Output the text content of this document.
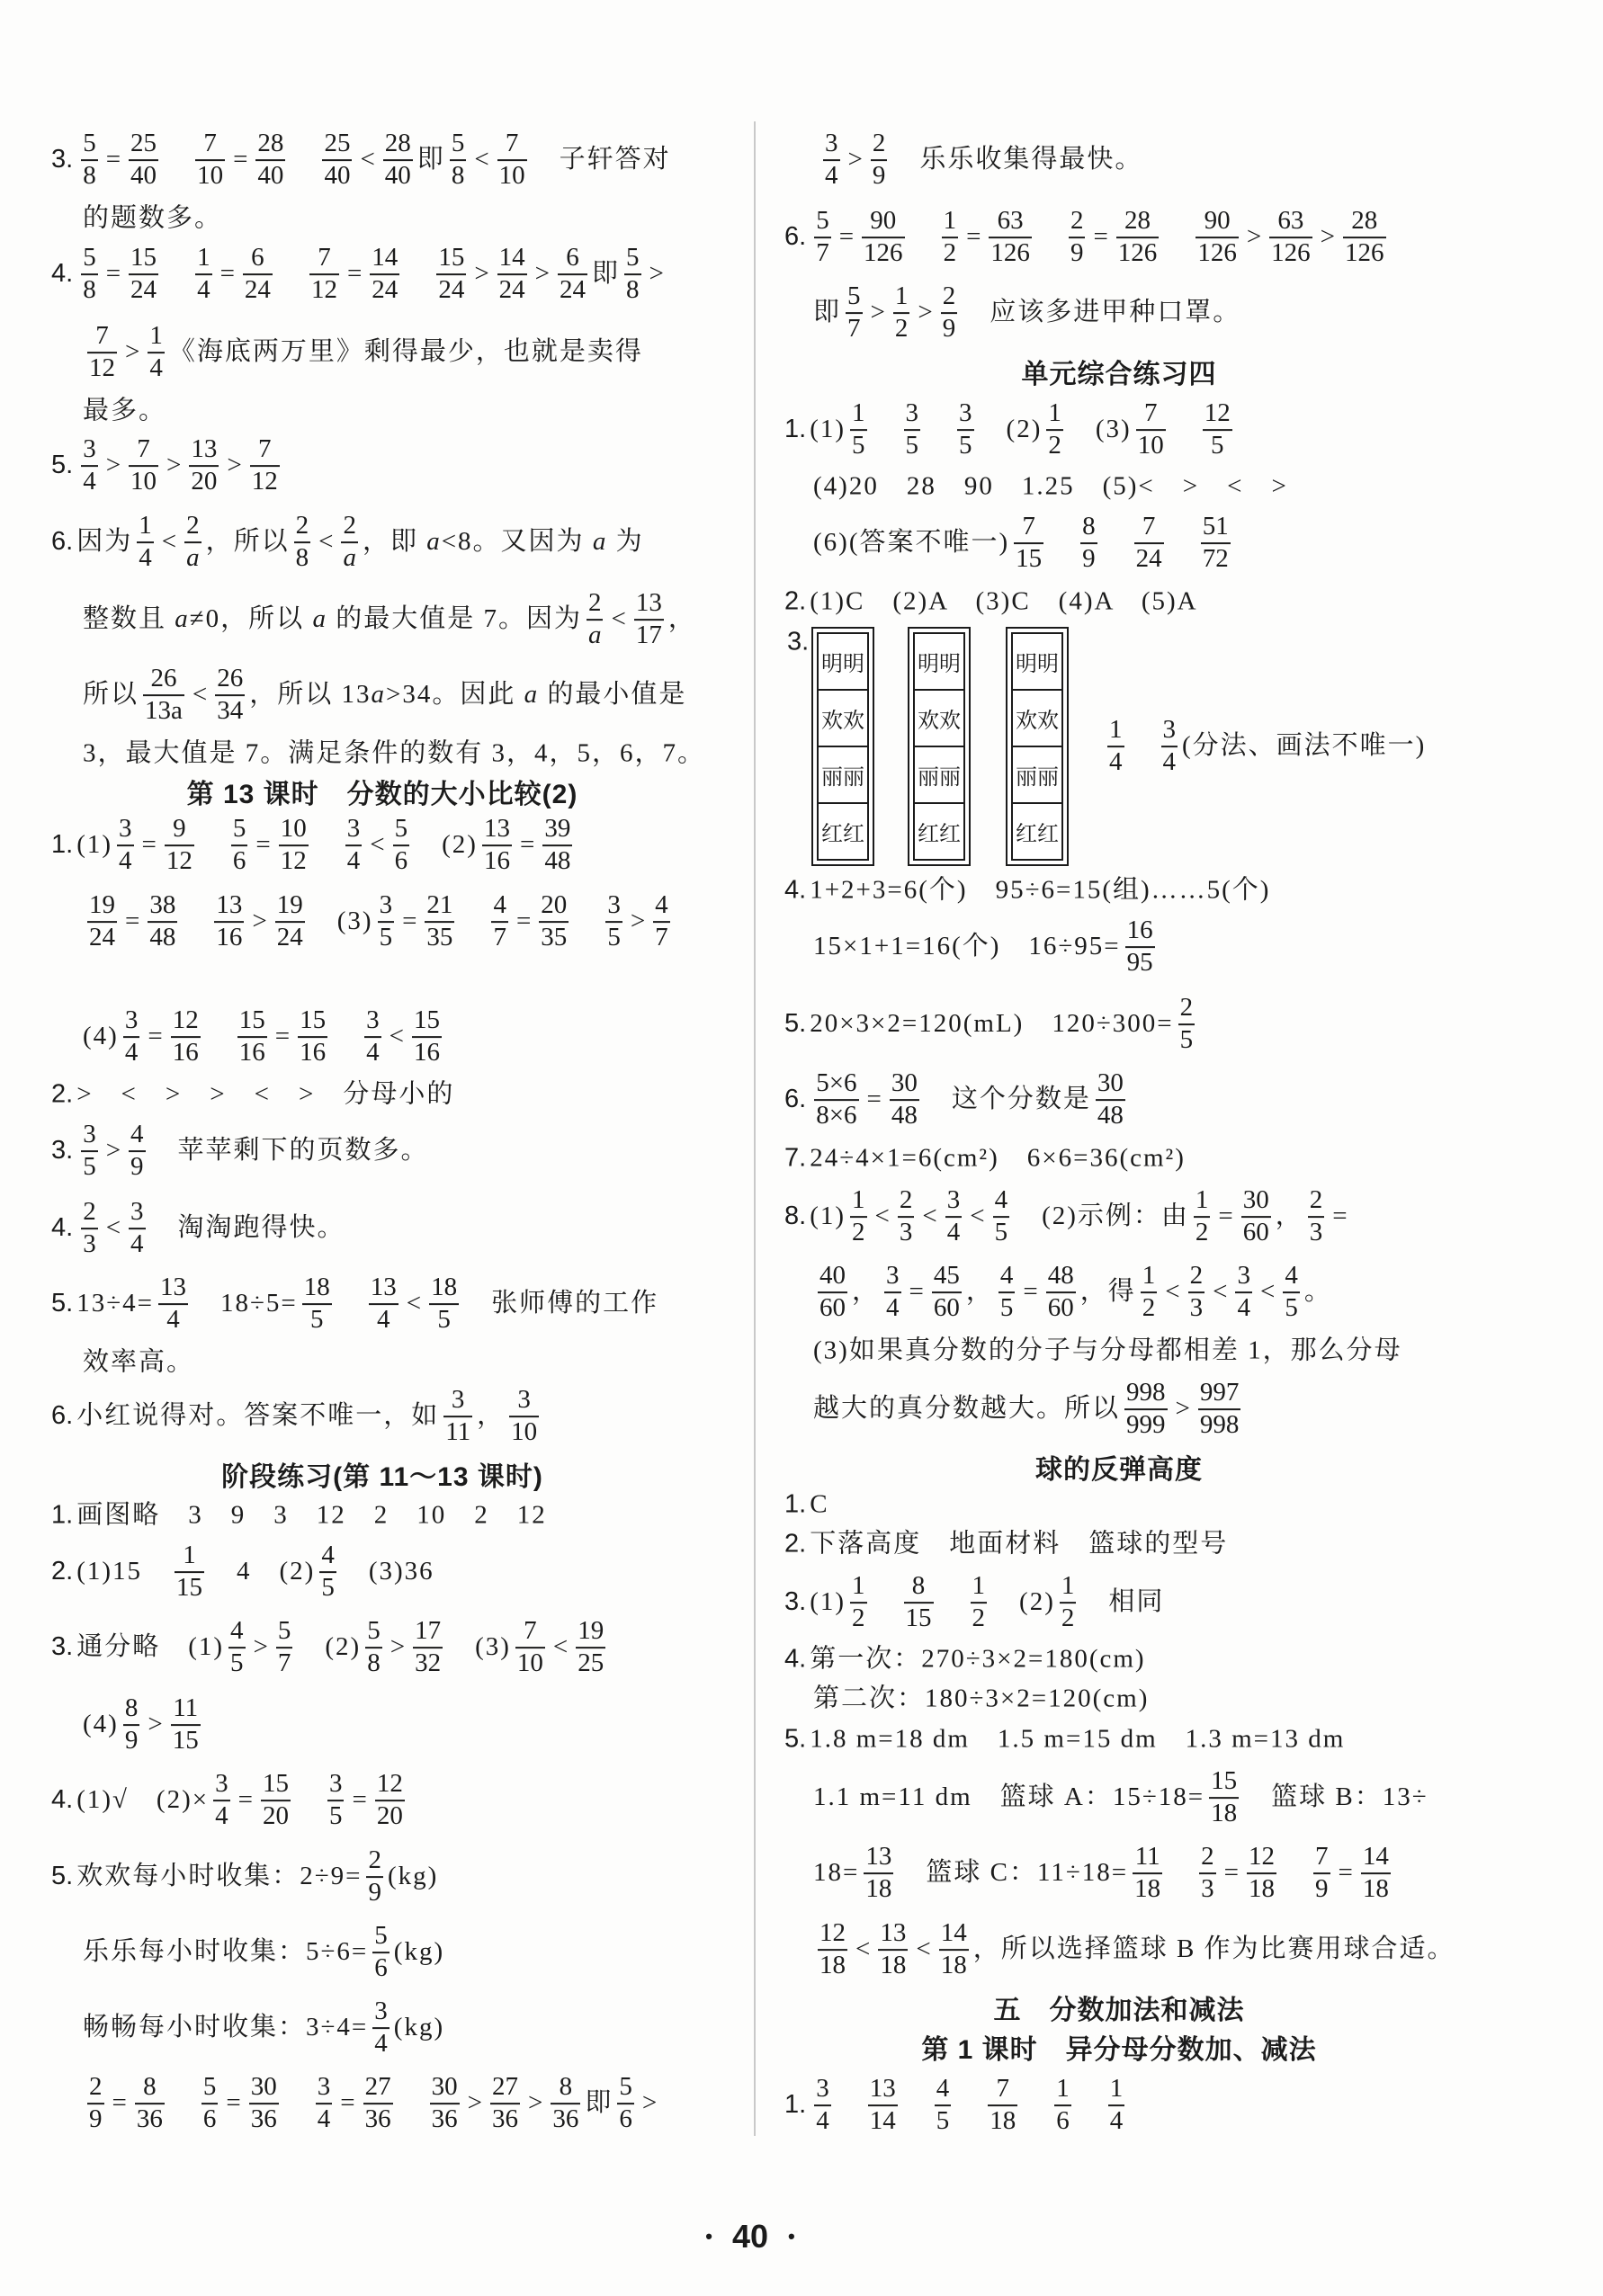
• 40 •
3. $\frac{5}{8} = \frac{25}{40}$
　 $\frac{7}{10} = \frac{28}{40}$
　 $\frac{25}{40} < \frac{28}{40}$ 即 $\frac{5}{8} < \frac{7}{10}$ 　子轩答对
的题数多。
4. $\frac{5}{8} = \frac{15}{24}$
　 $\frac{1}{4} = \frac{6}{24}$
　 $\frac{7}{12} = \frac{14}{24}$
　 $\frac{15}{24} > \frac{14}{24} > \frac{6}{24}$ 即 $\frac{5}{8}$ >
$\frac{7}{12} > \frac{1}{4}$ 《海底两万里》剩得最少，也就是卖得
最多。
5. $\frac{3}{4} > \frac{7}{10} > \frac{13}{20} > \frac{7}{12}$
6. 因为 $\frac{1}{4} < \frac{2}{a}$ ，所以 $\frac{2}{8} < \frac{2}{a}$ ，即 a <8。又因为 a 为
整数且 a ≠0，所以 a 的最大值是 7。因为 $\frac{2}{a} < \frac{13}{17}$ ，
所以 $\frac{26}{13a} < \frac{26}{34}$ ，所以 13 a >34。因此 a 的最小值是
3，最大值是 7。满足条件的数有 3，4，5，6，7。
第 13 课时　分数的大小比较(2)
1. $(1) \frac{3}{4} = \frac{9}{12}$
　 $\frac{5}{6} = \frac{10}{12}$
　 $\frac{3}{4} < \frac{5}{6}$ 　$(2) \frac{13}{16} = \frac{39}{48}$
$\frac{19}{24} = \frac{38}{48}$
　 $\frac{13}{16} > \frac{19}{24}$ 　$(3) \frac{3}{5} = \frac{21}{35}$
　 $\frac{4}{7} = \frac{20}{35}$
　 $\frac{3}{5} > \frac{4}{7}$
$(4) \frac{3}{4} = \frac{12}{16}$
　 $\frac{15}{16} = \frac{15}{16}$
　 $\frac{3}{4} < \frac{15}{16}$
2. >　<　>　>　<　>　分母小的
3. $\frac{3}{5} > \frac{4}{9}$ 　苹苹剩下的页数多。
4. $\frac{2}{3} < \frac{3}{4}$ 　淘淘跑得快。
5. $13\div 4= \frac{13}{4}$ 　$18\div 5= \frac{18}{5}$
　 $\frac{13}{4} < \frac{18}{5}$ 　张师傅的工作
效率高。
6. 小红说得对。答案不唯一，如 $\frac{3}{11}$ ， $\frac{3}{10}$
阶段练习(第 11～13 课时)
1. 画图略　3　9　3　12　2　10　2　12
2. (1)15　 $\frac{1}{15}$ 　4　$(2) \frac{4}{5}$ 　(3)36
3. 通分略　$(1) \frac{4}{5} > \frac{5}{7}$ 　$(2) \frac{5}{8} > \frac{17}{32}$ 　$(3) \frac{7}{10} < \frac{19}{25}$
$(4) \frac{8}{9} > \frac{11}{15}$
4. (1)√　$(2)\times \frac{3}{4} = \frac{15}{20}$
　 $\frac{3}{5} = \frac{12}{20}$
5. 欢欢每小时收集：$2\div 9= \frac{2}{9} (kg)$
乐乐每小时收集：$5\div 6= \frac{5}{6} (kg)$
畅畅每小时收集：$3\div 4= \frac{3}{4} (kg)$
$\frac{2}{9} = \frac{8}{36}$
　 $\frac{5}{6} = \frac{30}{36}$
　 $\frac{3}{4} = \frac{27}{36}$
　 $\frac{30}{36} > \frac{27}{36} > \frac{8}{36}$ 即 $\frac{5}{6}$ >
$\frac{3}{4} > \frac{2}{9}$ 　乐乐收集得最快。
6. $\frac{5}{7} = \frac{90}{126}$
　 $\frac{1}{2} = \frac{63}{126}$
　 $\frac{2}{9} = \frac{28}{126}$
　 $\frac{90}{126} > \frac{63}{126} > \frac{28}{126}$
即 $\frac{5}{7} > \frac{1}{2} > \frac{2}{9}$ 　应该多进甲种口罩。
单元综合练习四
1. $(1) \frac{1}{5}$
　 $\frac{3}{5}$
　 $\frac{3}{5}$ 　$(2) \frac{1}{2}$ 　$(3) \frac{7}{10}$
　 $\frac{12}{5}$
(4)20　28　90　1.25　(5)<　>　<　>
(6)(答案不唯一) $\frac{7}{15}$
　 $\frac{8}{9}$
　 $\frac{7}{24}$
　 $\frac{51}{72}$
2. (1)C　(2)A　(3)C　(4)A　(5)A
3.
明明
欢欢
丽丽
红红
明明
欢欢
丽丽
红红
明明
欢欢
丽丽
红红
$\frac{1}{4}$
　 $\frac{3}{4}$ (分法、画法不唯一)
4. 1+2+3=6(个)　95÷6=15(组)……5(个)
15×1+1=16(个)　$16\div 95= \frac{16}{95}$
5. 20×3×2=120(mL)　$120\div 300= \frac{2}{5}$
6. $\frac{5\times 6}{8\times 6} = \frac{30}{48}$ 　这个分数是 $\frac{30}{48}$
7. 24÷4×1=6(cm²)　6×6=36(cm²)
8. $(1) \frac{1}{2} < \frac{2}{3} < \frac{3}{4} < \frac{4}{5}$ 　(2)示例：由 $\frac{1}{2} = \frac{30}{60}$ ， $\frac{2}{3}$ =
$\frac{40}{60}$ ， $\frac{3}{4} = \frac{45}{60}$ ， $\frac{4}{5} = \frac{48}{60}$ ，得 $\frac{1}{2} < \frac{2}{3} < \frac{3}{4} < \frac{4}{5}$ 。
(3)如果真分数的分子与分母都相差 1，那么分母
越大的真分数越大。所以 $\frac{998}{999} > \frac{997}{998}$
球的反弹高度
1. C
2. 下落高度　地面材料　篮球的型号
3. $(1) \frac{1}{2}$
　 $\frac{8}{15}$
　 $\frac{1}{2}$ 　$(2) \frac{1}{2}$ 　相同
4. 第一次：270÷3×2=180(cm)
第二次：180÷3×2=120(cm)
5. 1.8 m=18 dm　1.5 m=15 dm　1.3 m=13 dm
1.1 m=11 dm　篮球 A：$15\div 18= \frac{15}{18}$ 　篮球 B：13÷
$18= \frac{13}{18}$ 　篮球 C：$11\div 18= \frac{11}{18}$
　 $\frac{2}{3} = \frac{12}{18}$
　 $\frac{7}{9} = \frac{14}{18}$
$\frac{12}{18} < \frac{13}{18} < \frac{14}{18}$ ，所以选择篮球 B 作为比赛用球合适。
五　分数加法和减法
第 1 课时　异分母分数加、减法
1. $\frac{3}{4}$
　 $\frac{13}{14}$
　 $\frac{4}{5}$
　 $\frac{7}{18}$
　 $\frac{1}{6}$
　 $\frac{1}{4}$
